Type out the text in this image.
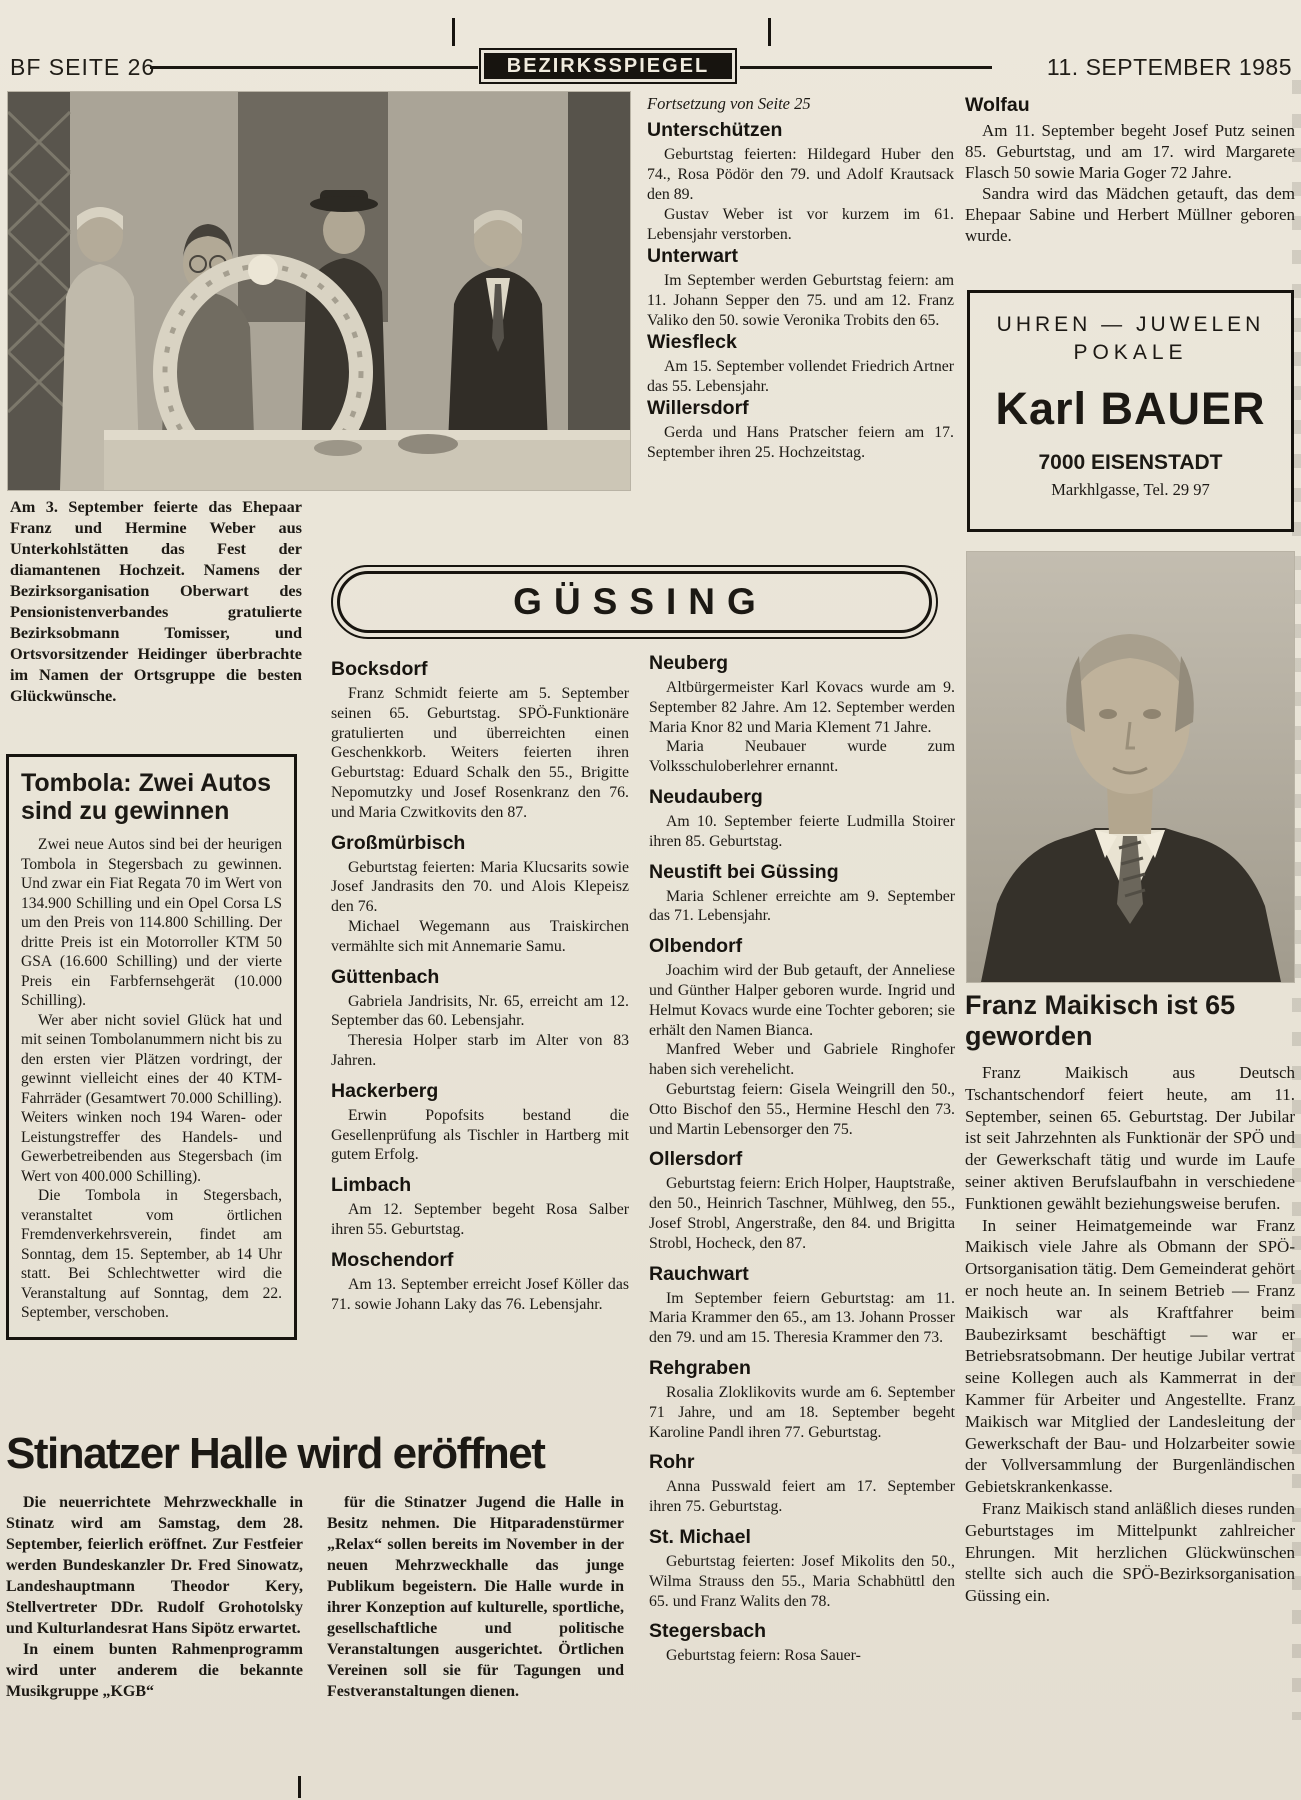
BF SEITE 26	BEZIRKSSPIEGEL	11. SEPTEMBER 1985
Am 3. September feierte das Ehepaar Franz und Hermine Weber aus Unterkohlstätten das Fest der diamantenen Hochzeit. Namens der Bezirksorganisation Oberwart des Pensionistenverbandes gratulierte Bezirksobmann Tomisser, und Ortsvorsitzender Heidinger überbrachte im Namen der Ortsgruppe die besten Glückwünsche.
Tombola: Zwei Autos sind zu gewinnen

Zwei neue Autos sind bei der heurigen Tombola in Stegersbach zu gewinnen. Und zwar ein Fiat Regata 70 im Wert von 134.900 Schilling und ein Opel Corsa LS um den Preis von 114.800 Schilling. Der dritte Preis ist ein Motorroller KTM 50 GSA (16.600 Schilling) und der vierte Preis ein Farbfernsehgerät (10.000 Schilling).

Wer aber nicht soviel Glück hat und mit seinen Tombolanummern nicht bis zu den ersten vier Plätzen vordringt, der gewinnt vielleicht eines der 40 KTM-Fahrräder (Gesamtwert 70.000 Schilling). Weiters winken noch 194 Waren- oder Leistungstreffer des Handels- und Gewerbetreibenden aus Stegersbach (im Wert von 400.000 Schilling).

Die Tombola in Stegersbach, veranstaltet vom örtlichen Fremdenverkehrsverein, findet am Sonntag, dem 15. September, ab 14 Uhr statt. Bei Schlechtwetter wird die Veranstaltung auf Sonntag, dem 22. September, verschoben.

Stinatzer Halle wird eröffnet

Die neuerrichtete Mehrzweckhalle in Stinatz wird am Samstag, dem 28. September, feierlich eröffnet. Zur Festfeier werden Bundeskanzler Dr. Fred Sinowatz, Landeshauptmann Theodor Kery, Stellvertreter DDr. Rudolf Grohotolsky und Kulturlandesrat Hans Sipötz erwartet.

In einem bunten Rahmenprogramm wird unter anderem die bekannte Musikgruppe „KGB“

für die Stinatzer Jugend die Halle in Besitz nehmen. Die Hitparadenstürmer „Relax“ sollen bereits im November in der neuen Mehrzweckhalle das junge Publikum begeistern. Die Halle wurde in ihrer Konzeption auf kulturelle, sportliche, gesellschaftliche und politische Veranstaltungen ausgerichtet. Örtlichen Vereinen soll sie für Tagungen und Festveranstaltungen dienen.

Fortsetzung von Seite 25

Unterschützen

Geburtstag feierten: Hildegard Huber den 74., Rosa Pödör den 79. und Adolf Krautsack den 89.

Gustav Weber ist vor kurzem im 61. Lebensjahr verstorben.

Unterwart

Im September werden Geburtstag feiern: am 11. Johann Sepper den 75. und am 12. Franz Valiko den 50. sowie Veronika Trobits den 65.

Wiesfleck

Am 15. September vollendet Friedrich Artner das 55. Lebensjahr.

Willersdorf

Gerda und Hans Pratscher feiern am 17. September ihren 25. Hochzeitstag.

GÜSSING
Bocksdorf

Franz Schmidt feierte am 5. September seinen 65. Geburtstag. SPÖ-Funktionäre gratulierten und überreichten einen Geschenkkorb. Weiters feierten ihren Geburtstag: Eduard Schalk den 55., Brigitte Nepomutzky und Josef Rosenkranz den 76. und Maria Czwitkovits den 87.

Großmürbisch

Geburtstag feierten: Maria Klucsarits sowie Josef Jandrasits den 70. und Alois Klepeisz den 76.

Michael Wegemann aus Traiskirchen vermählte sich mit Annemarie Samu.

Güttenbach

Gabriela Jandrisits, Nr. 65, erreicht am 12. September das 60. Lebensjahr.

Theresia Holper starb im Alter von 83 Jahren.

Hackerberg

Erwin Popofsits bestand die Gesellenprüfung als Tischler in Hartberg mit gutem Erfolg.

Limbach

Am 12. September begeht Rosa Salber ihren 55. Geburtstag.

Moschendorf

Am 13. September erreicht Josef Köller das 71. sowie Johann Laky das 76. Lebensjahr.

Neuberg

Altbürgermeister Karl Kovacs wurde am 9. September 82 Jahre. Am 12. September werden Maria Knor 82 und Maria Klement 71 Jahre.

Maria Neubauer wurde zum Volksschuloberlehrer ernannt.

Neudauberg

Am 10. September feierte Ludmilla Stoirer ihren 85. Geburtstag.

Neustift bei Güssing

Maria Schlener erreichte am 9. September das 71. Lebensjahr.

Olbendorf

Joachim wird der Bub getauft, der Anneliese und Günther Halper geboren wurde. Ingrid und Helmut Kovacs wurde eine Tochter geboren; sie erhält den Namen Bianca.

Manfred Weber und Gabriele Ringhofer haben sich verehelicht.

Geburtstag feiern: Gisela Weingrill den 50., Otto Bischof den 55., Hermine Heschl den 73. und Martin Lebensorger den 75.

Ollersdorf

Geburtstag feiern: Erich Holper, Hauptstraße, den 50., Heinrich Taschner, Mühlweg, den 55., Josef Strobl, Angerstraße, den 84. und Brigitta Strobl, Hocheck, den 87.

Rauchwart

Im September feiern Geburtstag: am 11. Maria Krammer den 65., am 13. Johann Prosser den 79. und am 15. Theresia Krammer den 73.

Rehgraben

Rosalia Zloklikovits wurde am 6. September 71 Jahre, und am 18. September begeht Karoline Pandl ihren 77. Geburtstag.

Rohr

Anna Pusswald feiert am 17. September ihren 75. Geburtstag.

St. Michael

Geburtstag feierten: Josef Mikolits den 50., Wilma Strauss den 55., Maria Schabhüttl den 65. und Franz Walits den 78.

Stegersbach

Geburtstag feiern: Rosa Sauer-

Wolfau

Am 11. September begeht Josef Putz seinen 85. Geburtstag, und am 17. wird Margarete Flasch 50 sowie Maria Goger 72 Jahre.

Sandra wird das Mädchen getauft, das dem Ehepaar Sabine und Herbert Müllner geboren wurde.

UHREN — JUWELEN
POKALE
Karl BAUER
7000 EISENSTADT
Markhlgasse, Tel. 29 97
Franz Maikisch ist 65 geworden

Franz Maikisch aus Deutsch Tschantschendorf feiert heute, am 11. September, seinen 65. Geburtstag. Der Jubilar ist seit Jahrzehnten als Funktionär der SPÖ und der Gewerkschaft tätig und wurde im Laufe seiner aktiven Berufslaufbahn in verschiedene Funktionen gewählt beziehungsweise berufen.

In seiner Heimatgemeinde war Franz Maikisch viele Jahre als Obmann der SPÖ-Ortsorganisation tätig. Dem Gemeinderat gehört er noch heute an. In seinem Betrieb — Franz Maikisch war als Kraftfahrer beim Baubezirksamt beschäftigt — war er Betriebsratsobmann. Der heutige Jubilar vertrat seine Kollegen auch als Kammerrat in der Kammer für Arbeiter und Angestellte. Franz Maikisch war Mitglied der Landesleitung der Gewerkschaft der Bau- und Holzarbeiter sowie der Vollversammlung der Burgenländischen Gebietskrankenkasse.

Franz Maikisch stand anläßlich dieses runden Geburtstages im Mittelpunkt zahlreicher Ehrungen. Mit herzlichen Glückwünschen stellte sich auch die SPÖ-Bezirksorganisation Güssing ein.
